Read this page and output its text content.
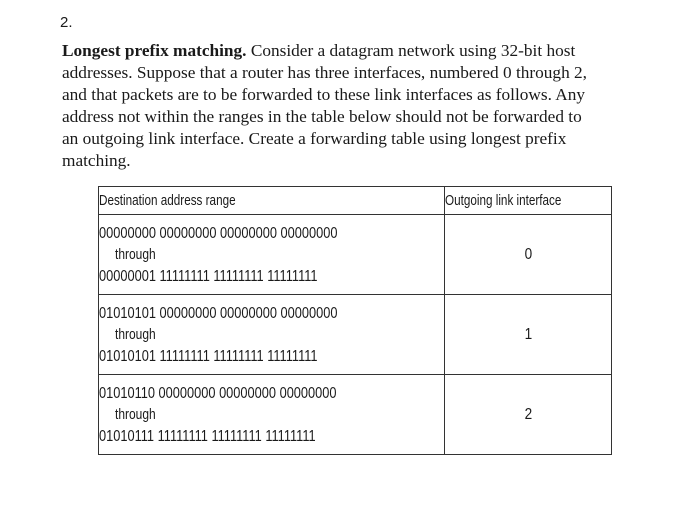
2.

Longest prefix matching. Consider a datagram network using 32-bit host
addresses. Suppose that a router has three interfaces, numbered 0 through 2,
and that packets are to be forwarded to these link interfaces as follows. Any
address not within the ranges in the table below should not be forwarded to
an outgoing link interface. Create a forwarding table using longest prefix
matching.

Destination address range	Outgoing link interface

00000000 00000000 00000000 00000000
through
00000001 11111111 11111111 11111111	0

01010101 00000000 00000000 00000000
through
01010101 11111111 11111111 11111111	1

01010110 00000000 00000000 00000000
through
01010111 11111111 11111111 11111111	2
